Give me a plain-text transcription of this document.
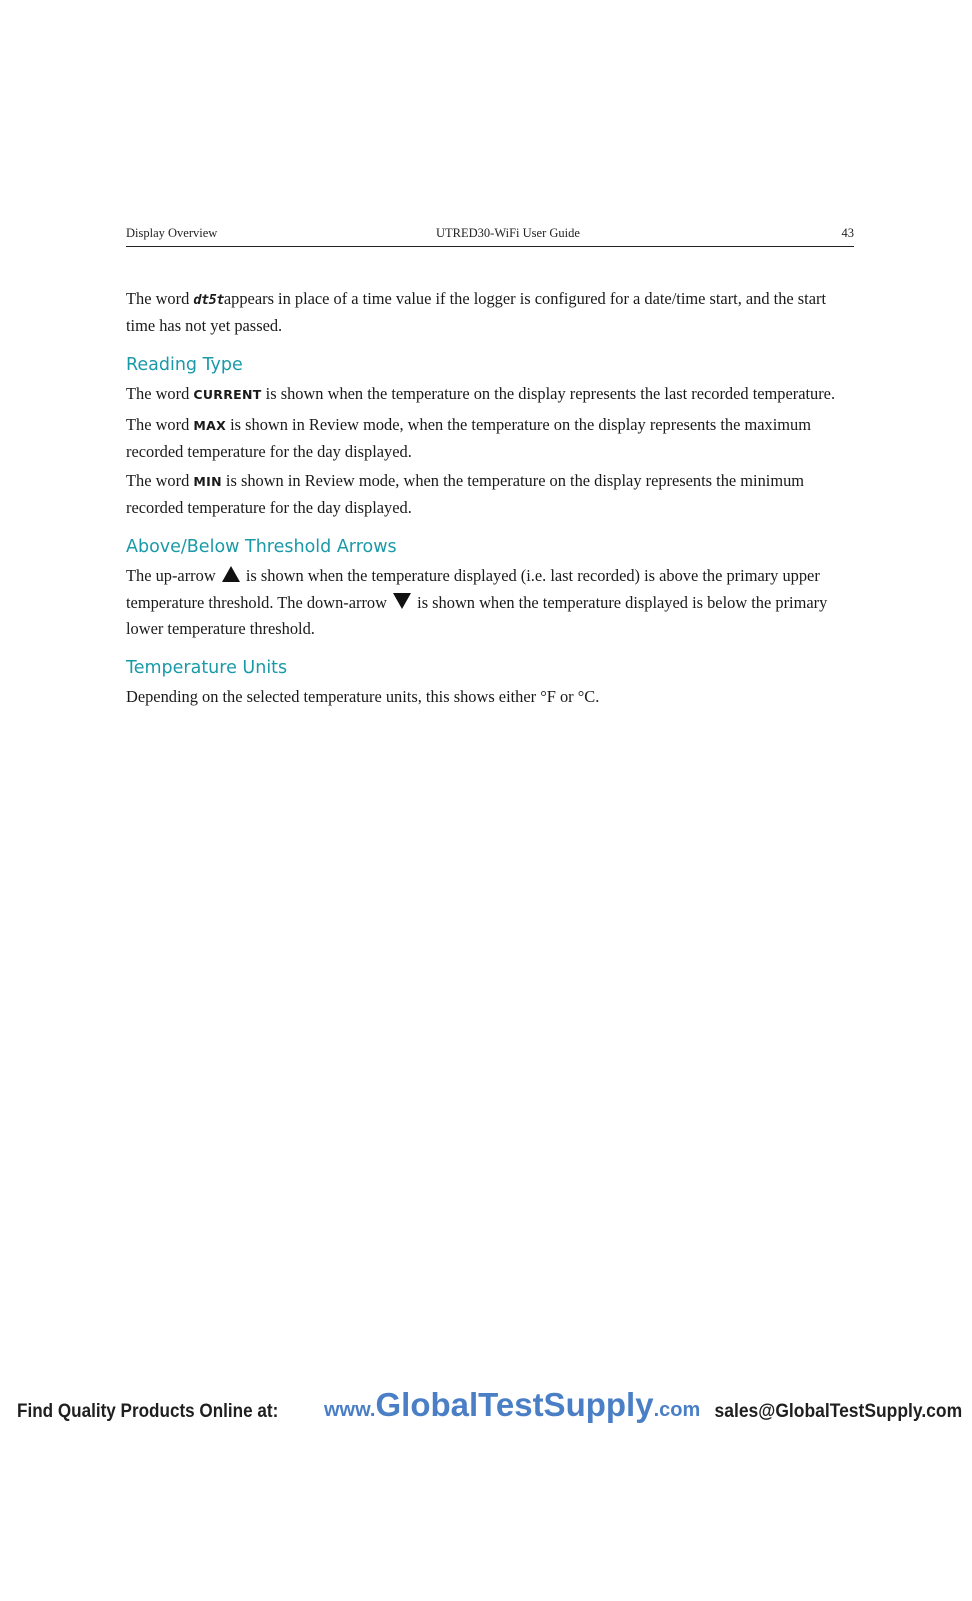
Display Overview	UTRED30-WiFi User Guide	43

The word dt5tappears in place of a time value if the logger is configured for a date/time start, and the start time has not yet passed.

Reading Type

The word CURRENT is shown when the temperature on the display represents the last recorded temperature.

The word MAX is shown in Review mode, when the temperature on the display represents the maximum recorded temperature for the day displayed.

The word MIN is shown in Review mode, when the temperature on the display represents the minimum recorded temperature for the day displayed.

Above/Below Threshold Arrows

The up-arrow  is shown when the temperature displayed (i.e. last recorded) is above the primary upper temperature threshold. The down-arrow  is shown when the temperature displayed is below the primary lower temperature threshold.

Temperature Units

Depending on the selected temperature units, this shows either °F or °C.

Find Quality Products Online at: www.GlobalTestSupply.com sales@GlobalTestSupply.com
